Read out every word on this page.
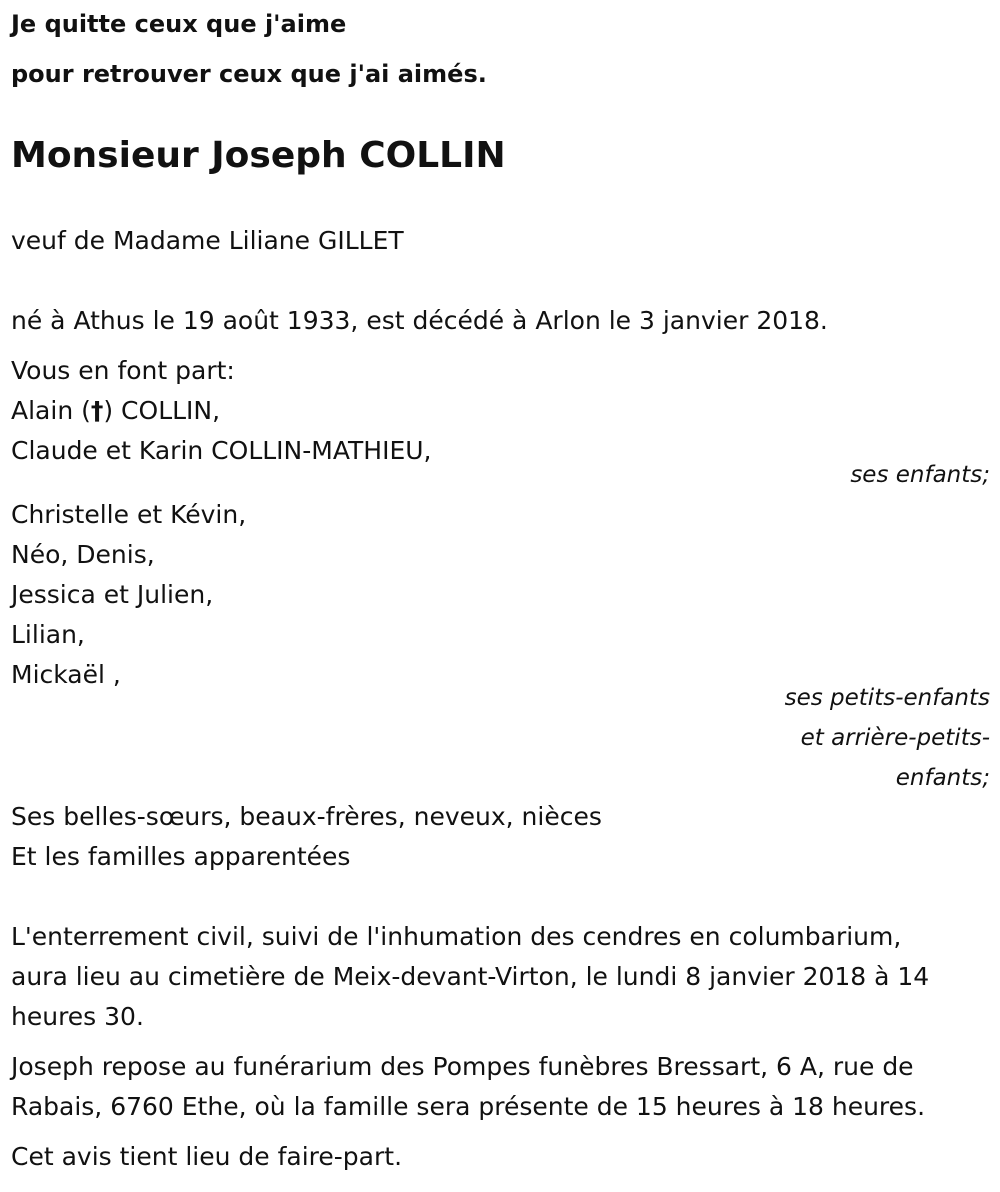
Je quitte ceux que j'aime
pour retrouver ceux que j'ai aimés.
Monsieur Joseph COLLIN
veuf de Madame Liliane GILLET
né à Athus le 19 août 1933, est décédé à Arlon le 3 janvier 2018.
Vous en font part:
Alain (†) COLLIN,
Claude et Karin COLLIN-MATHIEU,
ses enfants;
Christelle et Kévin,
Néo, Denis,
Jessica et Julien,
Lilian,
Mickaël ,
ses petits-enfants
et arrière-petits-
enfants;
Ses belles-sœurs, beaux-frères, neveux, nièces
Et les familles apparentées
L'enterrement civil, suivi de l'inhumation des cendres en columbarium,
aura lieu au cimetière de Meix-devant-Virton, le lundi 8 janvier 2018 à 14
heures 30.
Joseph repose au funérarium des Pompes funèbres Bressart, 6 A, rue de
Rabais, 6760 Ethe, où la famille sera présente de 15 heures à 18 heures.
Cet avis tient lieu de faire-part.
